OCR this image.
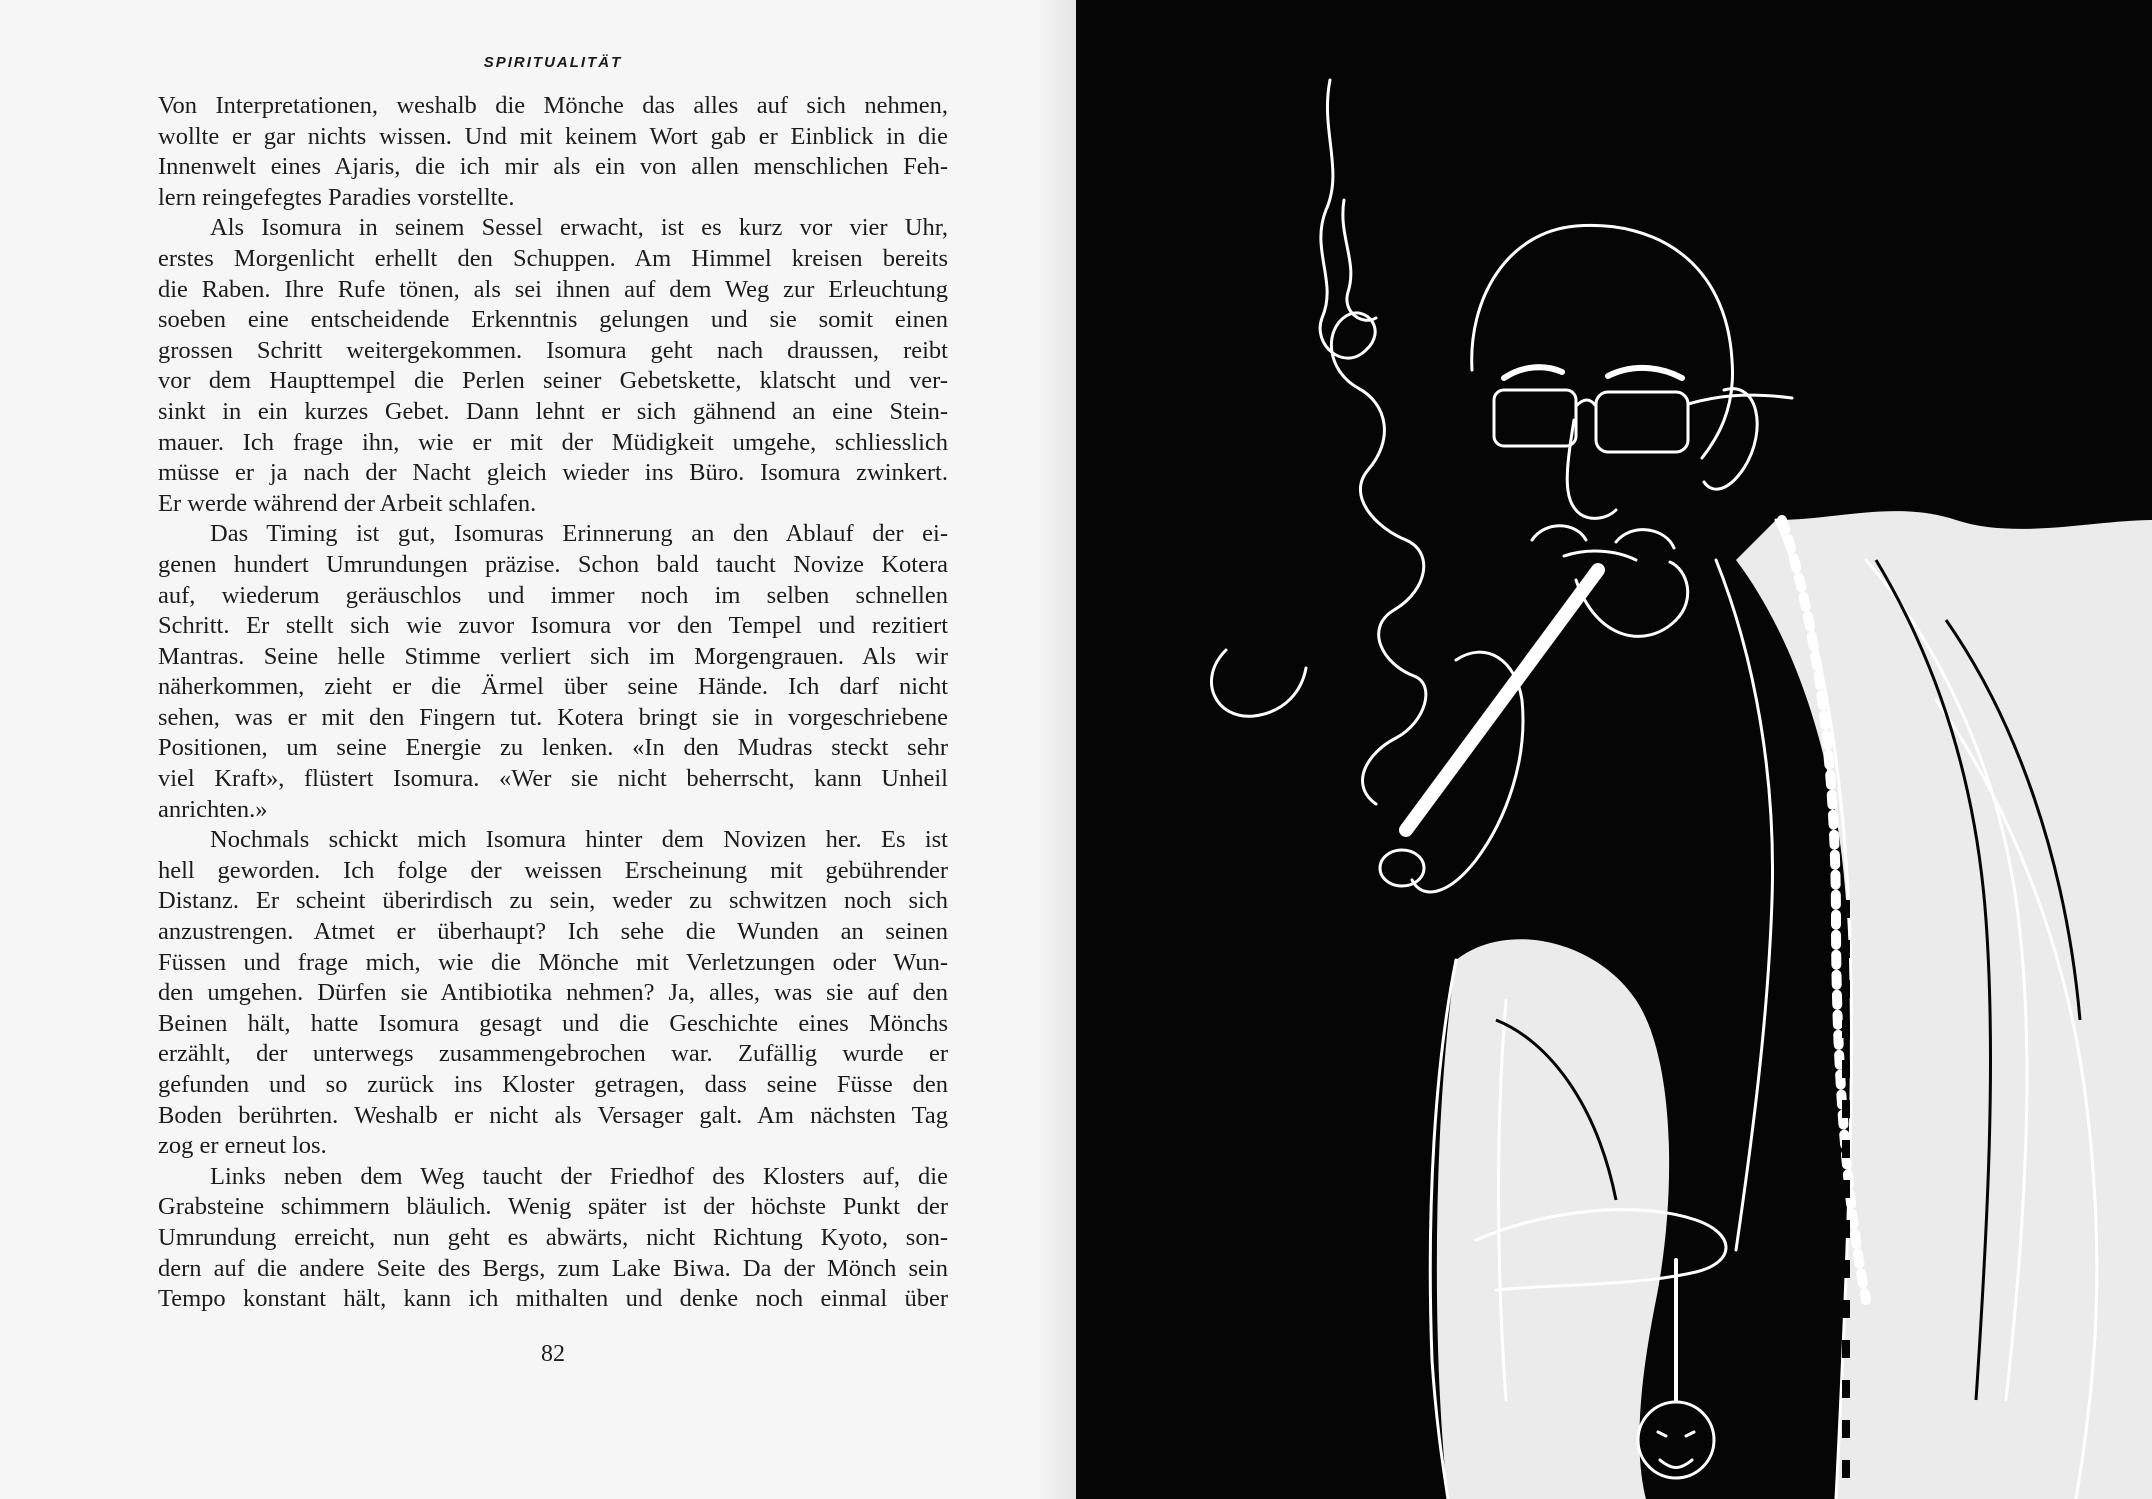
SPIRITUALITÄT
Von Interpretationen, weshalb die Mönche das alles auf sich nehmen,
wollte er gar nichts wissen. Und mit keinem Wort gab er Einblick in die
Innenwelt eines Ajaris, die ich mir als ein von allen menschlichen Feh-
lern reingefegtes Paradies vorstellte.
Als Isomura in seinem Sessel erwacht, ist es kurz vor vier Uhr,
erstes Morgenlicht erhellt den Schuppen. Am Himmel kreisen bereits
die Raben. Ihre Rufe tönen, als sei ihnen auf dem Weg zur Erleuchtung
soeben eine entscheidende Erkenntnis gelungen und sie somit einen
grossen Schritt weitergekommen. Isomura geht nach draussen, reibt
vor dem Haupttempel die Perlen seiner Gebetskette, klatscht und ver-
sinkt in ein kurzes Gebet. Dann lehnt er sich gähnend an eine Stein-
mauer. Ich frage ihn, wie er mit der Müdigkeit umgehe, schliesslich
müsse er ja nach der Nacht gleich wieder ins Büro. Isomura zwinkert.
Er werde während der Arbeit schlafen.
Das Timing ist gut, Isomuras Erinnerung an den Ablauf der ei-
genen hundert Umrundungen präzise. Schon bald taucht Novize Kotera
auf, wiederum geräuschlos und immer noch im selben schnellen
Schritt. Er stellt sich wie zuvor Isomura vor den Tempel und rezitiert
Mantras. Seine helle Stimme verliert sich im Morgengrauen. Als wir
näherkommen, zieht er die Ärmel über seine Hände. Ich darf nicht
sehen, was er mit den Fingern tut. Kotera bringt sie in vorgeschriebene
Positionen, um seine Energie zu lenken. «In den Mudras steckt sehr
viel Kraft», flüstert Isomura. «Wer sie nicht beherrscht, kann Unheil
anrichten.»
Nochmals schickt mich Isomura hinter dem Novizen her. Es ist
hell geworden. Ich folge der weissen Erscheinung mit gebührender
Distanz. Er scheint überirdisch zu sein, weder zu schwitzen noch sich
anzustrengen. Atmet er überhaupt? Ich sehe die Wunden an seinen
Füssen und frage mich, wie die Mönche mit Verletzungen oder Wun-
den umgehen. Dürfen sie Antibiotika nehmen? Ja, alles, was sie auf den
Beinen hält, hatte Isomura gesagt und die Geschichte eines Mönchs
erzählt, der unterwegs zusammengebrochen war. Zufällig wurde er
gefunden und so zurück ins Kloster getragen, dass seine Füsse den
Boden berührten. Weshalb er nicht als Versager galt. Am nächsten Tag
zog er erneut los.
Links neben dem Weg taucht der Friedhof des Klosters auf, die
Grabsteine schimmern bläulich. Wenig später ist der höchste Punkt der
Umrundung erreicht, nun geht es abwärts, nicht Richtung Kyoto, son-
dern auf die andere Seite des Bergs, zum Lake Biwa. Da der Mönch sein
Tempo konstant hält, kann ich mithalten und denke noch einmal über
82
